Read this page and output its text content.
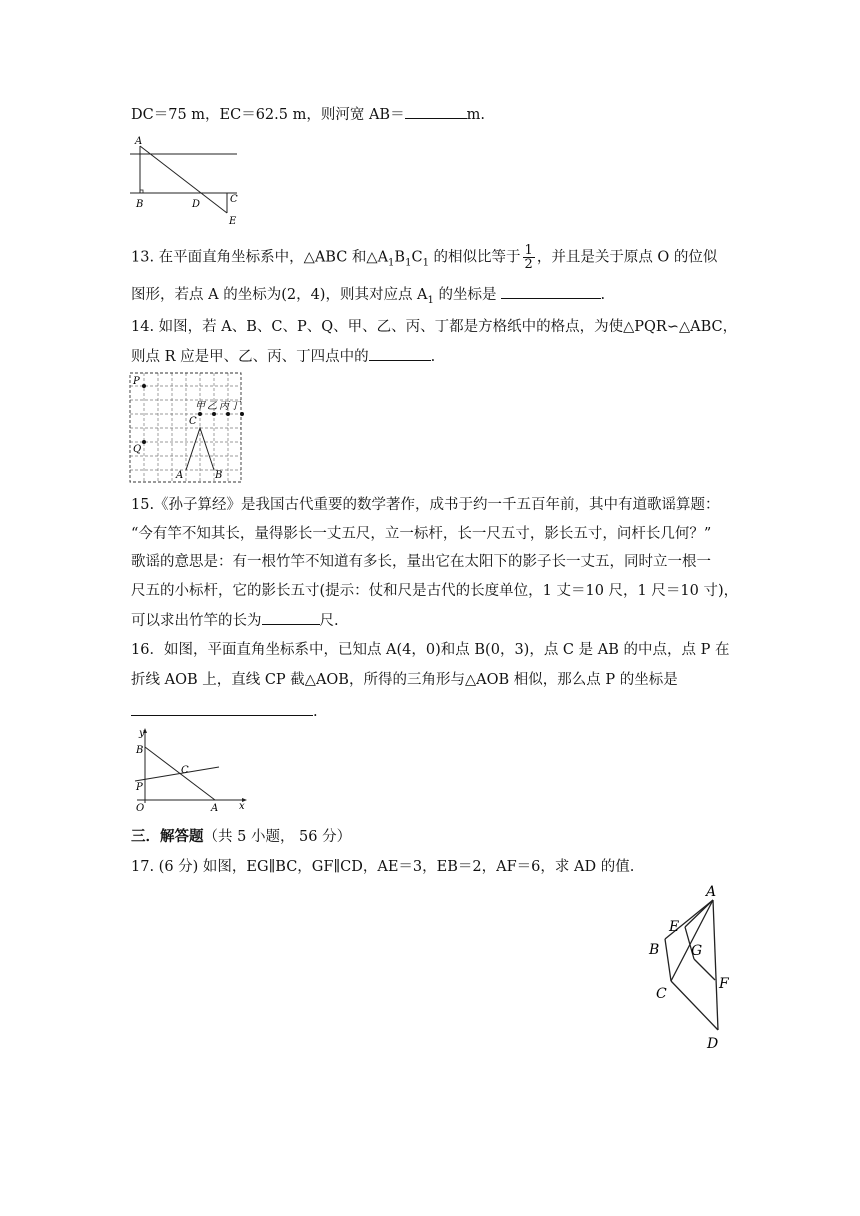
DC＝75 m，EC＝62.5 m，则河宽 AB＝	m.
A
B	D	C
E
13. 在平面直角坐标系中，△ABC 和$\triangle A_1B_1C_1$ 的相似比等于 $\frac{1}{2}$ ，并且是关于原点 O 的位似
图形，若点 A 的坐标为(2，4)，则其对应点 $A_1$ 的坐标是	.
14. 如图，若 A、B、C、P、Q、甲、乙、丙、丁都是方格纸中的格点，为使△PQR∽△ABC，
则点 R 应是甲、乙、丙、丁四点中的	.
P
Q
C
A	B
甲 乙 丙 丁
15.《孙子算经》是我国古代重要的数学著作，成书于约一千五百年前，其中有道歌谣算题：
“今有竿不知其长，量得影长一丈五尺，立一标杆，长一尺五寸，影长五寸，问杆长几何？”
歌谣的意思是：有一根竹竿不知道有多长，量出它在太阳下的影子长一丈五，同时立一根一
尺五的小标杆，它的影长五寸(提示：仗和尺是古代的长度单位，1 丈＝10 尺，1 尺＝10 寸)，
可以求出竹竿的长为	尺.
16．如图，平面直角坐标系中，已知点 A(4，0)和点 B(0，3)，点 C 是 AB 的中点，点 P 在
折线 AOB 上，直线 CP 截△AOB，所得的三角形与△AOB 相似，那么点 P 的坐标是
.
y
B
C
P
O	A x
三．解答题（共 5 小题， 56 分）
17. (6 分) 如图，EG∥BC，GF∥CD，AE＝3，EB＝2，AF＝6，求 AD 的值.
A
E
B G
C
F
D
